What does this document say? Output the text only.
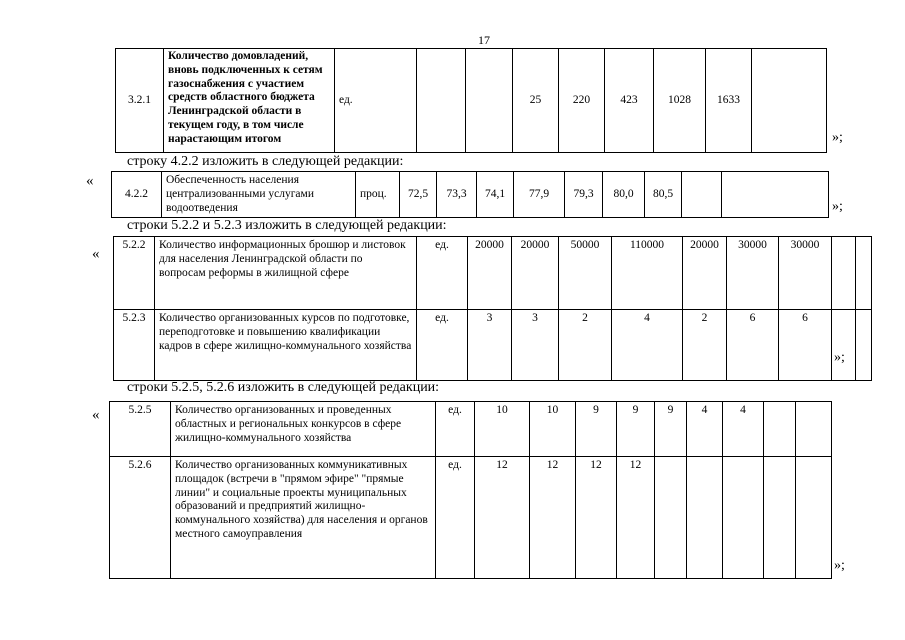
17
3.2.1	Количество домовладений, вновь подключенных к сетям газоснабжения с участием средств областного бюджета Ленинградской области в текущем году, в том числе нарастающим итогом	ед.			25	220	423	1028	1633	
»;
строку 4.2.2 изложить в следующей редакции:
«
4.2.2	Обеспеченность населения централизованными услугами водоотведения	проц.	72,5	73,3	74,1	77,9	79,3	80,0	80,5		
»;
строки 5.2.2 и 5.2.3 изложить в следующей редакции:
«
5.2.2	Количество информационных брошюр и листовок для населения Ленинградской области по вопросам реформы в жилищной сфере	ед.	20000	20000	50000	110000	20000	30000	30000		
5.2.3	Количество организованных курсов по подготовке, переподготовке и повышению квалификации кадров в сфере жилищно-коммунального хозяйства	ед.	3	3	2	4	2	6	6		
»;
строки 5.2.5, 5.2.6 изложить в следующей редакции:
«	5.2.5	Количество организованных и проведенных областных и региональных конкурсов в сфере жилищно-коммунального хозяйства	ед.	10	10	9	9	9	4	4		
5.2.6	Количество организованных коммуникативных площадок (встречи в "прямом эфире" "прямые линии" и социальные проекты муниципальных образований и предприятий жилищно-коммунального хозяйства) для населения и органов местного самоуправления	ед.	12	12	12	12					
»;
